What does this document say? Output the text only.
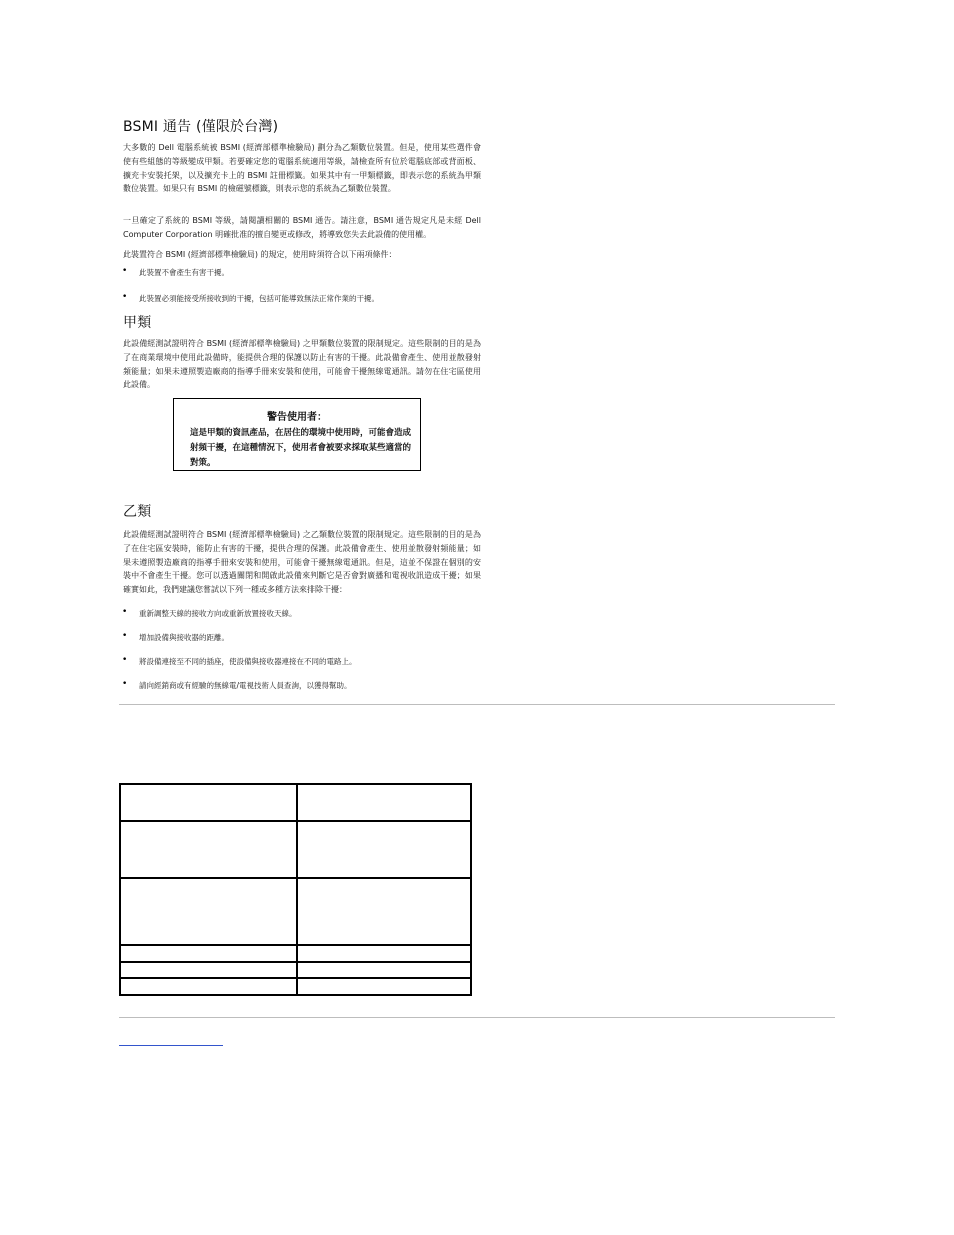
BSMI 通告 (僅限於台灣)

大多數的 Dell 電腦系統被 BSMI (經濟部標準檢驗局) 劃分為乙類數位裝置。但是，使用某些選件會使有些組態的等級變成甲類。若要確定您的電腦系統適用等級，請檢查所有位於電腦底部或背面板、擴充卡安裝托架，以及擴充卡上的 BSMI 註冊標籤。如果其中有一甲類標籤，即表示您的系統為甲類數位裝置。如果只有 BSMI 的檢磁號標籤，則表示您的系統為乙類數位裝置。

一旦確定了系統的 BSMI 等級，請閱讀相關的 BSMI 通告。請注意，BSMI 通告規定凡是未經 Dell Computer Corporation 明確批准的擅自變更或修改，將導致您失去此設備的使用權。

此裝置符合 BSMI (經濟部標準檢驗局) 的規定，使用時須符合以下兩項條件：

• 此裝置不會產生有害干擾。
• 此裝置必須能接受所接收到的干擾，包括可能導致無法正常作業的干擾。
甲類

此設備經測試證明符合 BSMI (經濟部標準檢驗局) 之甲類數位裝置的限制規定。這些限制的目的是為了在商業環境中使用此設備時，能提供合理的保護以防止有害的干擾。此設備會產生、使用並散發射頻能量；如果未遵照製造廠商的指導手冊來安裝和使用，可能會干擾無線電通訊。請勿在住宅區使用此設備。

警告使用者：
這是甲類的資訊產品，在居住的環境中使用時，可能會造成射頻干擾，在這種情況下，使用者會被要求採取某些適當的對策。
乙類

此設備經測試證明符合 BSMI (經濟部標準檢驗局) 之乙類數位裝置的限制規定。這些限制的目的是為了在住宅區安裝時，能防止有害的干擾，提供合理的保護。此設備會產生、使用並散發射頻能量；如果未遵照製造廠商的指導手冊來安裝和使用，可能會干擾無線電通訊。但是，這並不保證在個別的安裝中不會產生干擾。您可以透過關閉和開啟此設備來判斷它是否會對廣播和電視收訊造成干擾；如果確實如此，我們建議您嘗試以下列一種或多種方法來排除干擾：

• 重新調整天線的接收方向或重新放置接收天線。
• 增加設備與接收器的距離。
• 將設備連接至不同的插座，使設備與接收器連接在不同的電路上。
• 請向經銷商或有經驗的無線電/電視技術人員查詢，以獲得幫助。
